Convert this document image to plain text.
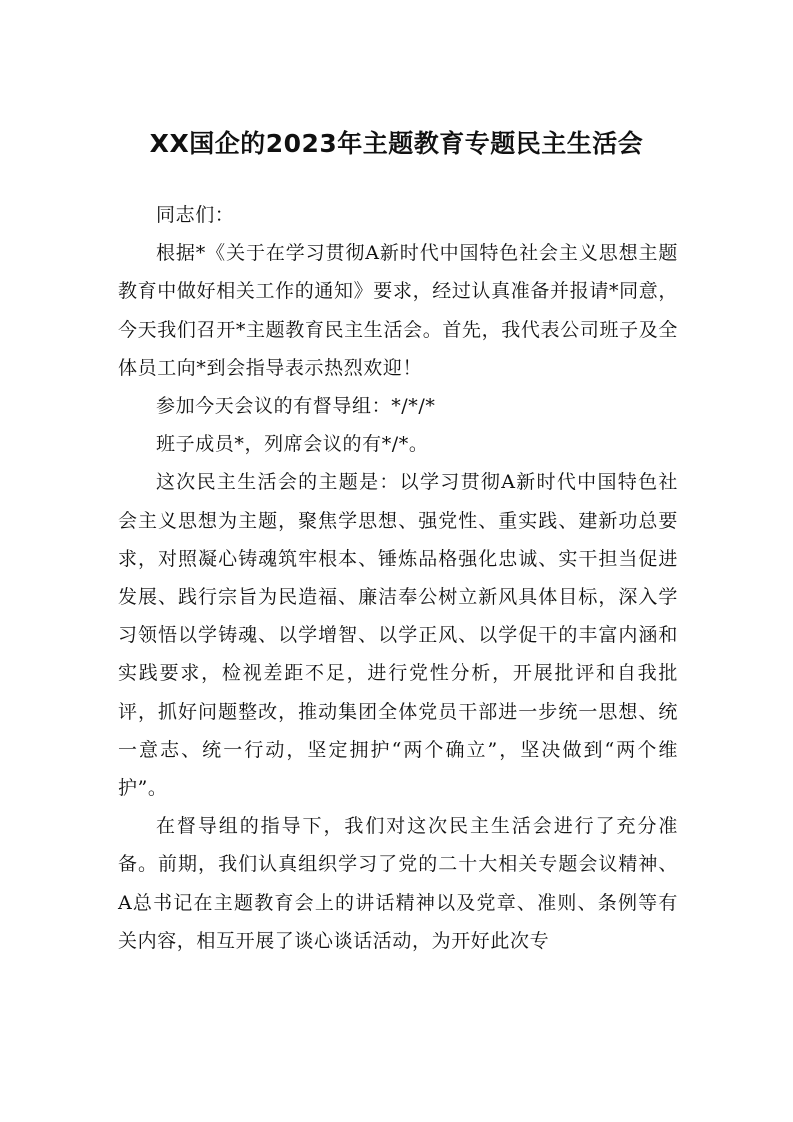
XX国企的2023年主题教育专题民主生活会

同志们：

根据*《关于在学习贯彻A新时代中国特色社会主义思想主题教育中做好相关工作的通知》要求，经过认真准备并报请*同意，今天我们召开*主题教育民主生活会。首先，我代表公司班子及全体员工向*到会指导表示热烈欢迎！

参加今天会议的有督导组：*/*/*

班子成员*，列席会议的有*/*。

这次民主生活会的主题是：以学习贯彻A新时代中国特色社会主义思想为主题，聚焦学思想、强党性、重实践、建新功总要求，对照凝心铸魂筑牢根本、锤炼品格强化忠诚、实干担当促进发展、践行宗旨为民造福、廉洁奉公树立新风具体目标，深入学习领悟以学铸魂、以学增智、以学正风、以学促干的丰富内涵和实践要求，检视差距不足，进行党性分析，开展批评和自我批评，抓好问题整改，推动集团全体党员干部进一步统一思想、统一意志、统一行动，坚定拥护“两个确立”，坚决做到“两个维护”。

在督导组的指导下，我们对这次民主生活会进行了充分准备。前期，我们认真组织学习了党的二十大相关专题会议精神、A总书记在主题教育会上的讲话精神以及党章、准则、条例等有关内容，相互开展了谈心谈话活动，为开好此次专
